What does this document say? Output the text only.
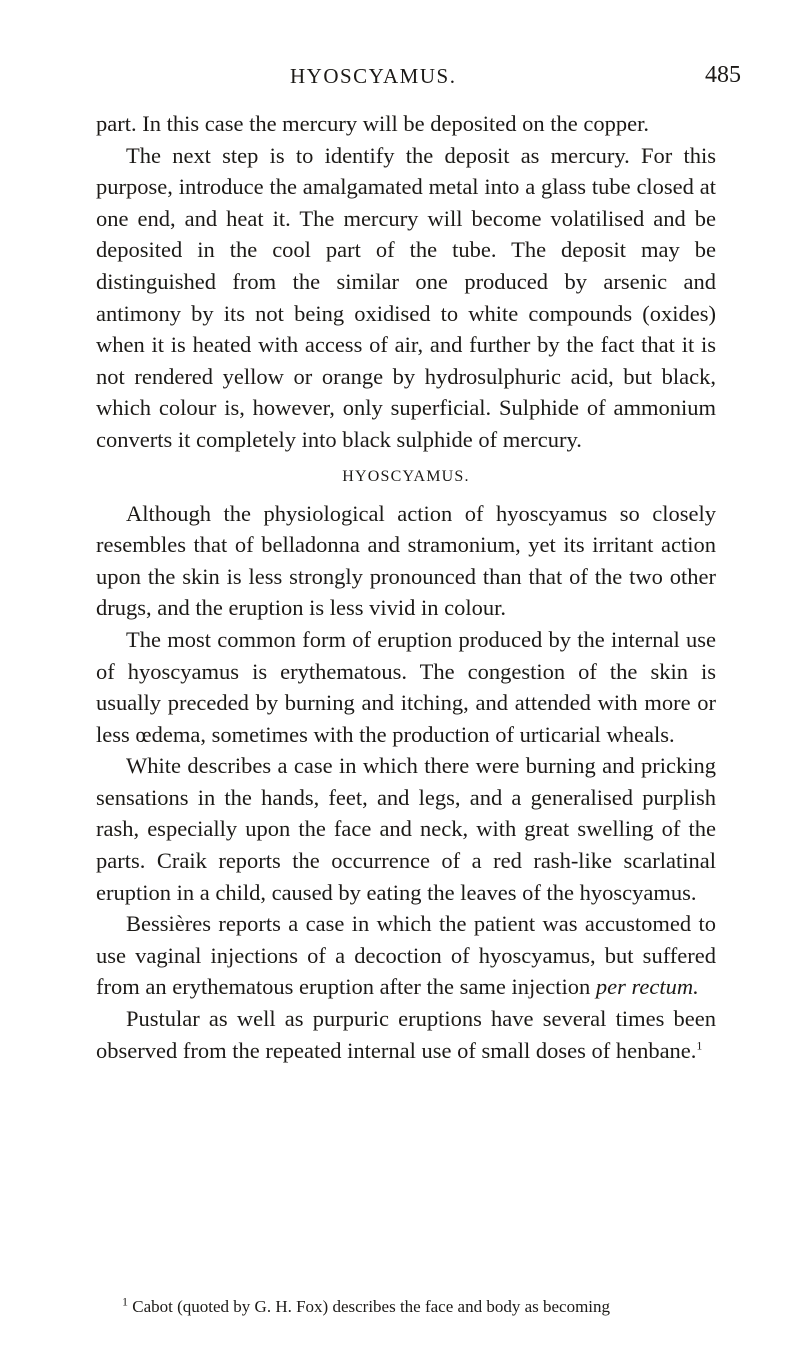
HYOSCYAMUS.	485

part. In this case the mercury will be deposited on the copper.

The next step is to identify the deposit as mercury. For this purpose, introduce the amalgamated metal into a glass tube closed at one end, and heat it. The mercury will become volatilised and be deposited in the cool part of the tube. The deposit may be distinguished from the similar one produced by arsenic and antimony by its not being oxidised to white compounds (oxides) when it is heated with access of air, and further by the fact that it is not rendered yellow or orange by hydrosulphuric acid, but black, which colour is, however, only superficial. Sulphide of ammonium converts it completely into black sulphide of mercury.

HYOSCYAMUS.

Although the physiological action of hyoscyamus so closely resembles that of belladonna and stramonium, yet its irritant action upon the skin is less strongly pronounced than that of the two other drugs, and the eruption is less vivid in colour.

The most common form of eruption produced by the internal use of hyoscyamus is erythematous. The congestion of the skin is usually preceded by burning and itching, and attended with more or less œdema, sometimes with the production of urticarial wheals.

White describes a case in which there were burning and pricking sensations in the hands, feet, and legs, and a generalised purplish rash, especially upon the face and neck, with great swelling of the parts. Craik reports the occurrence of a red rash-like scarlatinal eruption in a child, caused by eating the leaves of the hyoscyamus.

Bessières reports a case in which the patient was accustomed to use vaginal injections of a decoction of hyoscyamus, but suffered from an erythematous eruption after the same injection per rectum.

Pustular as well as purpuric eruptions have several times been observed from the repeated internal use of small doses of henbane.$^1$

$^1$ Cabot (quoted by G. H. Fox) describes the face and body as becoming
